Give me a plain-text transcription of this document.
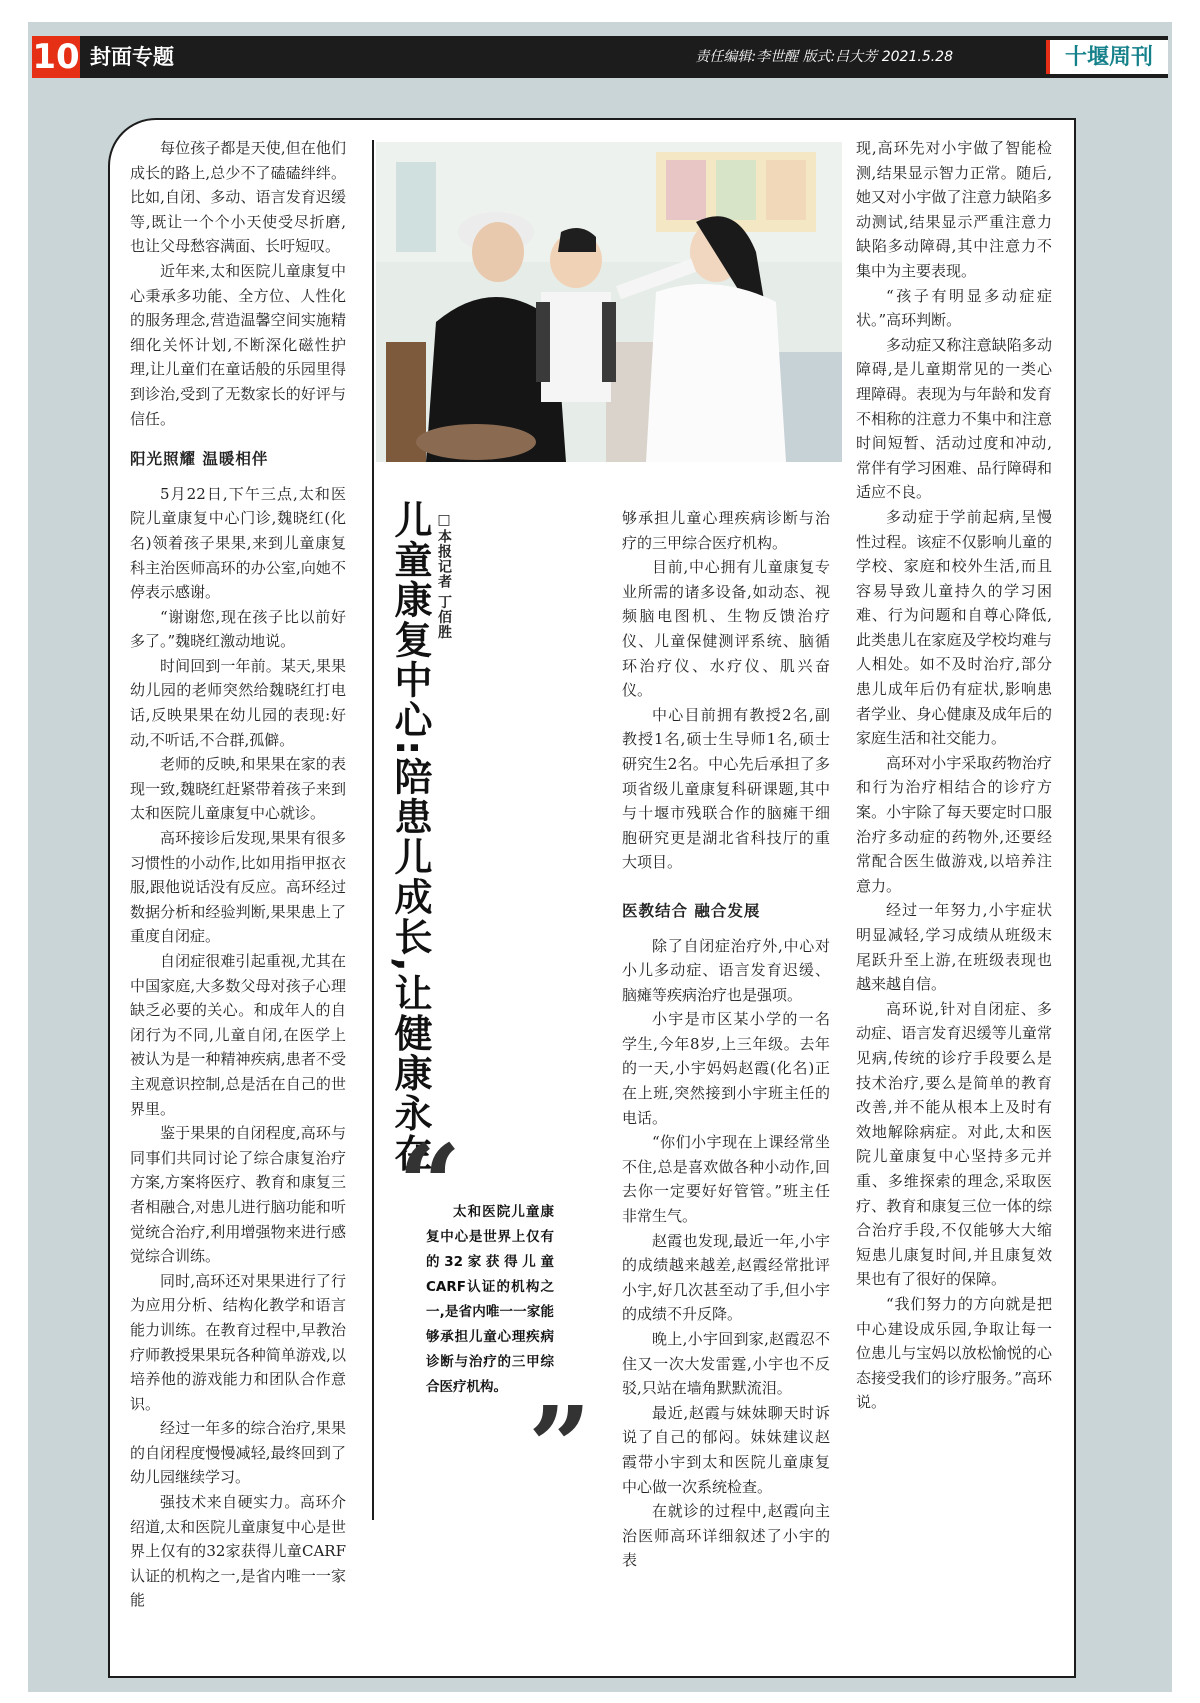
10 封面专题	责任编辑:李世醒 版式:吕大芳 2021.5.28	十堰周刊

每位孩子都是天使,但在他们成长的路上,总少不了磕磕绊绊。比如,自闭、多动、语言发育迟缓等,既让一个个小天使受尽折磨,也让父母愁容满面、长吁短叹。

近年来,太和医院儿童康复中心秉承多功能、全方位、人性化的服务理念,营造温馨空间实施精细化关怀计划,不断深化磁性护理,让儿童们在童话般的乐园里得到诊治,受到了无数家长的好评与信任。

阳光照耀 温暖相伴

5月22日,下午三点,太和医院儿童康复中心门诊,魏晓红(化名)领着孩子果果,来到儿童康复科主治医师高环的办公室,向她不停表示感谢。

“谢谢您,现在孩子比以前好多了。”魏晓红激动地说。

时间回到一年前。某天,果果幼儿园的老师突然给魏晓红打电话,反映果果在幼儿园的表现:好动,不听话,不合群,孤僻。

老师的反映,和果果在家的表现一致,魏晓红赶紧带着孩子来到太和医院儿童康复中心就诊。

高环接诊后发现,果果有很多习惯性的小动作,比如用指甲抠衣服,跟他说话没有反应。高环经过数据分析和经验判断,果果患上了重度自闭症。

自闭症很难引起重视,尤其在中国家庭,大多数父母对孩子心理缺乏必要的关心。和成年人的自闭行为不同,儿童自闭,在医学上被认为是一种精神疾病,患者不受主观意识控制,总是活在自己的世界里。

鉴于果果的自闭程度,高环与同事们共同讨论了综合康复治疗方案,方案将医疗、教育和康复三者相融合,对患儿进行脑功能和听觉统合治疗,利用增强物来进行感觉综合训练。

同时,高环还对果果进行了行为应用分析、结构化教学和语言能力训练。在教育过程中,早教治疗师教授果果玩各种简单游戏,以培养他的游戏能力和团队合作意识。

经过一年多的综合治疗,果果的自闭程度慢慢减轻,最终回到了幼儿园继续学习。

强技术来自硬实力。高环介绍道,太和医院儿童康复中心是世界上仅有的32家获得儿童CARF认证的机构之一,是省内唯一一家能

儿童康复中心:陪患儿成长,让健康永在 □本报记者 丁佰胜	够承担儿童心理疾病诊断与治疗的三甲综合医疗机构。

目前,中心拥有儿童康复专业所需的诸多设备,如动态、视频脑电图机、生物反馈治疗仪、儿童保健测评系统、脑循环治疗仪、水疗仪、肌兴奋仪。

中心目前拥有教授2名,副教授1名,硕士生导师1名,硕士研究生2名。中心先后承担了多项省级儿童康复科研课题,其中与十堰市残联合作的脑瘫干细胞研究更是湖北省科技厅的重大项目。

医教结合 融合发展

除了自闭症治疗外,中心对小儿多动症、语言发育迟缓、脑瘫等疾病治疗也是强项。

小宇是市区某小学的一名学生,今年8岁,上三年级。去年的一天,小宇妈妈赵霞(化名)正在上班,突然接到小宇班主任的电话。

“你们小宇现在上课经常坐不住,总是喜欢做各种小动作,回去你一定要好好管管。”班主任非常生气。

赵霞也发现,最近一年,小宇的成绩越来越差,赵霞经常批评小宇,好几次甚至动了手,但小宇的成绩不升反降。

晚上,小宇回到家,赵霞忍不住又一次大发雷霆,小宇也不反驳,只站在墙角默默流泪。

最近,赵霞与妹妹聊天时诉说了自己的郁闷。妹妹建议赵霞带小宇到太和医院儿童康复中心做一次系统检查。

在就诊的过程中,赵霞向主治医师高环详细叙述了小宇的表

“

太和医院儿童康复中心是世界上仅有的32家获得儿童CARF认证的机构之一,是省内唯一一家能够承担儿童心理疾病诊断与治疗的三甲综合医疗机构。 ”

现,高环先对小宇做了智能检测,结果显示智力正常。随后,她又对小宇做了注意力缺陷多动测试,结果显示严重注意力缺陷多动障碍,其中注意力不集中为主要表现。

“孩子有明显多动症症状。”高环判断。

多动症又称注意缺陷多动障碍,是儿童期常见的一类心理障碍。表现为与年龄和发育不相称的注意力不集中和注意时间短暂、活动过度和冲动,常伴有学习困难、品行障碍和适应不良。

多动症于学前起病,呈慢性过程。该症不仅影响儿童的学校、家庭和校外生活,而且容易导致儿童持久的学习困难、行为问题和自尊心降低,此类患儿在家庭及学校均难与人相处。如不及时治疗,部分患儿成年后仍有症状,影响患者学业、身心健康及成年后的家庭生活和社交能力。

高环对小宇采取药物治疗和行为治疗相结合的诊疗方案。小宇除了每天要定时口服治疗多动症的药物外,还要经常配合医生做游戏,以培养注意力。

经过一年努力,小宇症状明显减轻,学习成绩从班级末尾跃升至上游,在班级表现也越来越自信。

高环说,针对自闭症、多动症、语言发育迟缓等儿童常见病,传统的诊疗手段要么是技术治疗,要么是简单的教育改善,并不能从根本上及时有效地解除病症。对此,太和医院儿童康复中心坚持多元并重、多维探索的理念,采取医疗、教育和康复三位一体的综合治疗手段,不仅能够大大缩短患儿康复时间,并且康复效果也有了很好的保障。

“我们努力的方向就是把中心建设成乐园,争取让每一位患儿与宝妈以放松愉悦的心态接受我们的诊疗服务。”高环说。
